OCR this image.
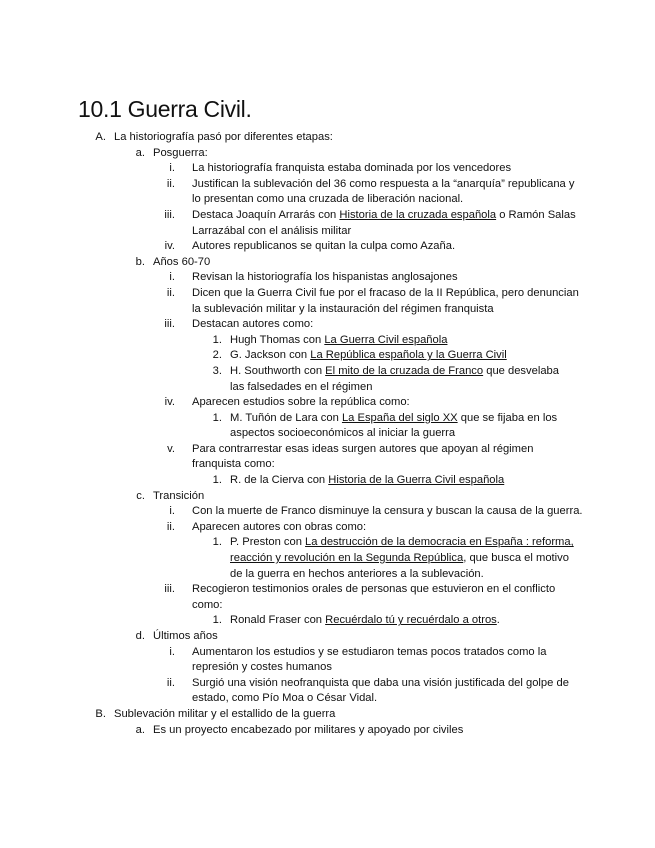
10.1 Guerra Civil.
A. La historiografía pasó por diferentes etapas:
a. Posguerra:
i. La historiografía franquista estaba dominada por los vencedores
ii. Justifican la sublevación del 36 como respuesta a la “anarquía” republicana y lo presentan como una cruzada de liberación nacional.
iii. Destaca Joaquín Arrarás con Historia de la cruzada española o Ramón Salas Larrazábal con el análisis militar
iv. Autores republicanos se quitan la culpa como Azaña.
b. Años 60-70
i. Revisan la historiografía los hispanistas anglosajones
ii. Dicen que la Guerra Civil fue por el fracaso de la II República, pero denuncian la sublevación militar y la instauración del régimen franquista
iii. Destacan autores como:
1. Hugh Thomas con La Guerra Civil española
2. G. Jackson con La República española y la Guerra Civil
3. H. Southworth con El mito de la cruzada de Franco que desvelaba las falsedades en el régimen
iv. Aparecen estudios sobre la república como:
1. M. Tuñón de Lara con La España del siglo XX que se fijaba en los aspectos socioeconómicos al iniciar la guerra
v. Para contrarrestar esas ideas surgen autores que apoyan al régimen franquista como:
1. R. de la Cierva con Historia de la Guerra Civil española
c. Transición
i. Con la muerte de Franco disminuye la censura y buscan la causa de la guerra.
ii. Aparecen autores con obras como:
1. P. Preston con La destrucción de la democracia en España : reforma, reacción y revolución en la Segunda República, que busca el motivo de la guerra en hechos anteriores a la sublevación.
iii. Recogieron testimonios orales de personas que estuvieron en el conflicto como:
1. Ronald Fraser con Recuérdalo tú y recuérdalo a otros.
d. Últimos años
i. Aumentaron los estudios y se estudiaron temas pocos tratados como la represión y costes humanos
ii. Surgió una visión neofranquista que daba una visión justificada del golpe de estado, como Pío Moa o César Vidal.
B. Sublevación militar y el estallido de la guerra
a. Es un proyecto encabezado por militares y apoyado por civiles
